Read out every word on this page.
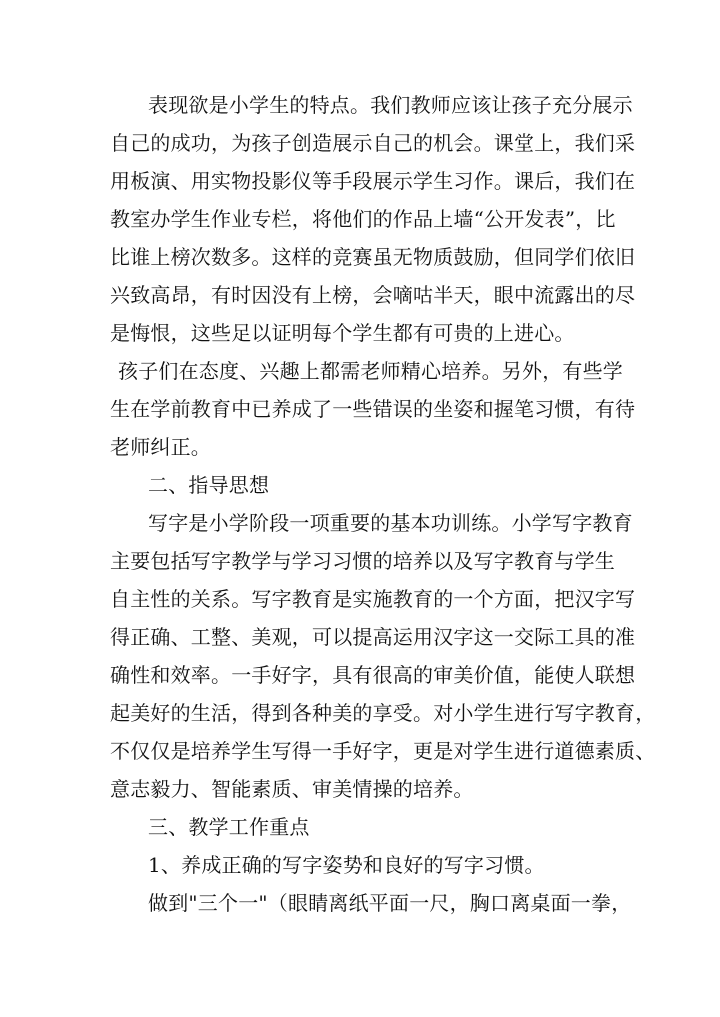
表现欲是小学生的特点。我们教师应该让孩子充分展示
自己的成功，为孩子创造展示自己的机会。课堂上，我们采
用板演、用实物投影仪等手段展示学生习作。课后，我们在
教室办学生作业专栏，将他们的作品上墙“公开发表”，比
比谁上榜次数多。这样的竞赛虽无物质鼓励，但同学们依旧
兴致高昂，有时因没有上榜，会嘀咕半天，眼中流露出的尽
是悔恨，这些足以证明每个学生都有可贵的上进心。
孩子们在态度、兴趣上都需老师精心培养。另外，有些学
生在学前教育中已养成了一些错误的坐姿和握笔习惯，有待
老师纠正。
二、指导思想
写字是小学阶段一项重要的基本功训练。小学写字教育
主要包括写字教学与学习习惯的培养以及写字教育与学生
自主性的关系。写字教育是实施教育的一个方面，把汉字写
得正确、工整、美观，可以提高运用汉字这一交际工具的准
确性和效率。一手好字，具有很高的审美价值，能使人联想
起美好的生活，得到各种美的享受。对小学生进行写字教育，
不仅仅是培养学生写得一手好字，更是对学生进行道德素质、
意志毅力、智能素质、审美情操的培养。
三、教学工作重点
1、养成正确的写字姿势和良好的写字习惯。
做到"三个一"（眼睛离纸平面一尺，胸口离桌面一拳，
